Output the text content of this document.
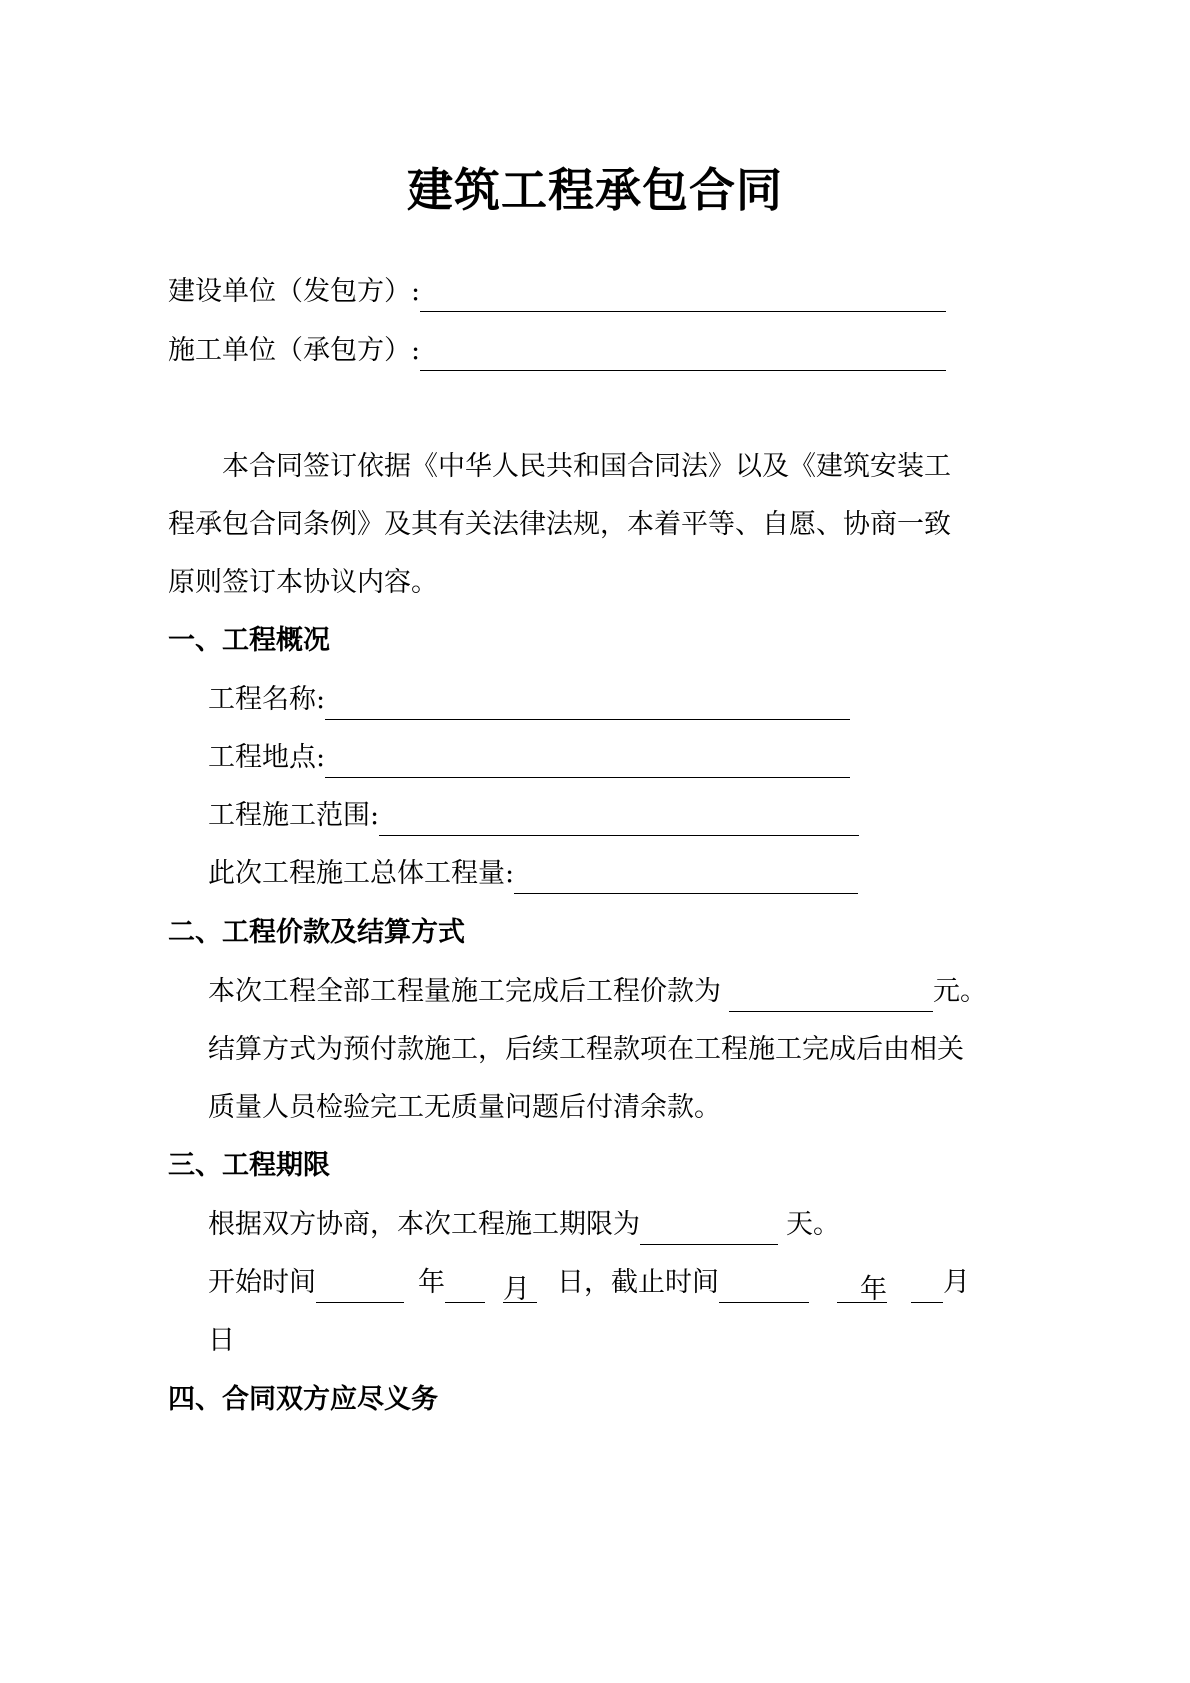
建筑工程承包合同
建设单位（发包方）:
施工单位（承包方）:
本合同签订依据《中华人民共和国合同法》以及《建筑安装工
程承包合同条例》及其有关法律法规，本着平等、自愿、协商一致
原则签订本协议内容。
一、工程概况
工程名称:
工程地点:
工程施工范围:
此次工程施工总体工程量:
二、工程价款及结算方式
本次工程全部工程量施工完成后工程价款为	元。
结算方式为预付款施工，后续工程款项在工程施工完成后由相关
质量人员检验完工无质量问题后付清余款。
三、工程期限
根据双方协商，本次工程施工期限为	天。
开始时间	年 月 日，截止时间	年 月
日
四、合同双方应尽义务
